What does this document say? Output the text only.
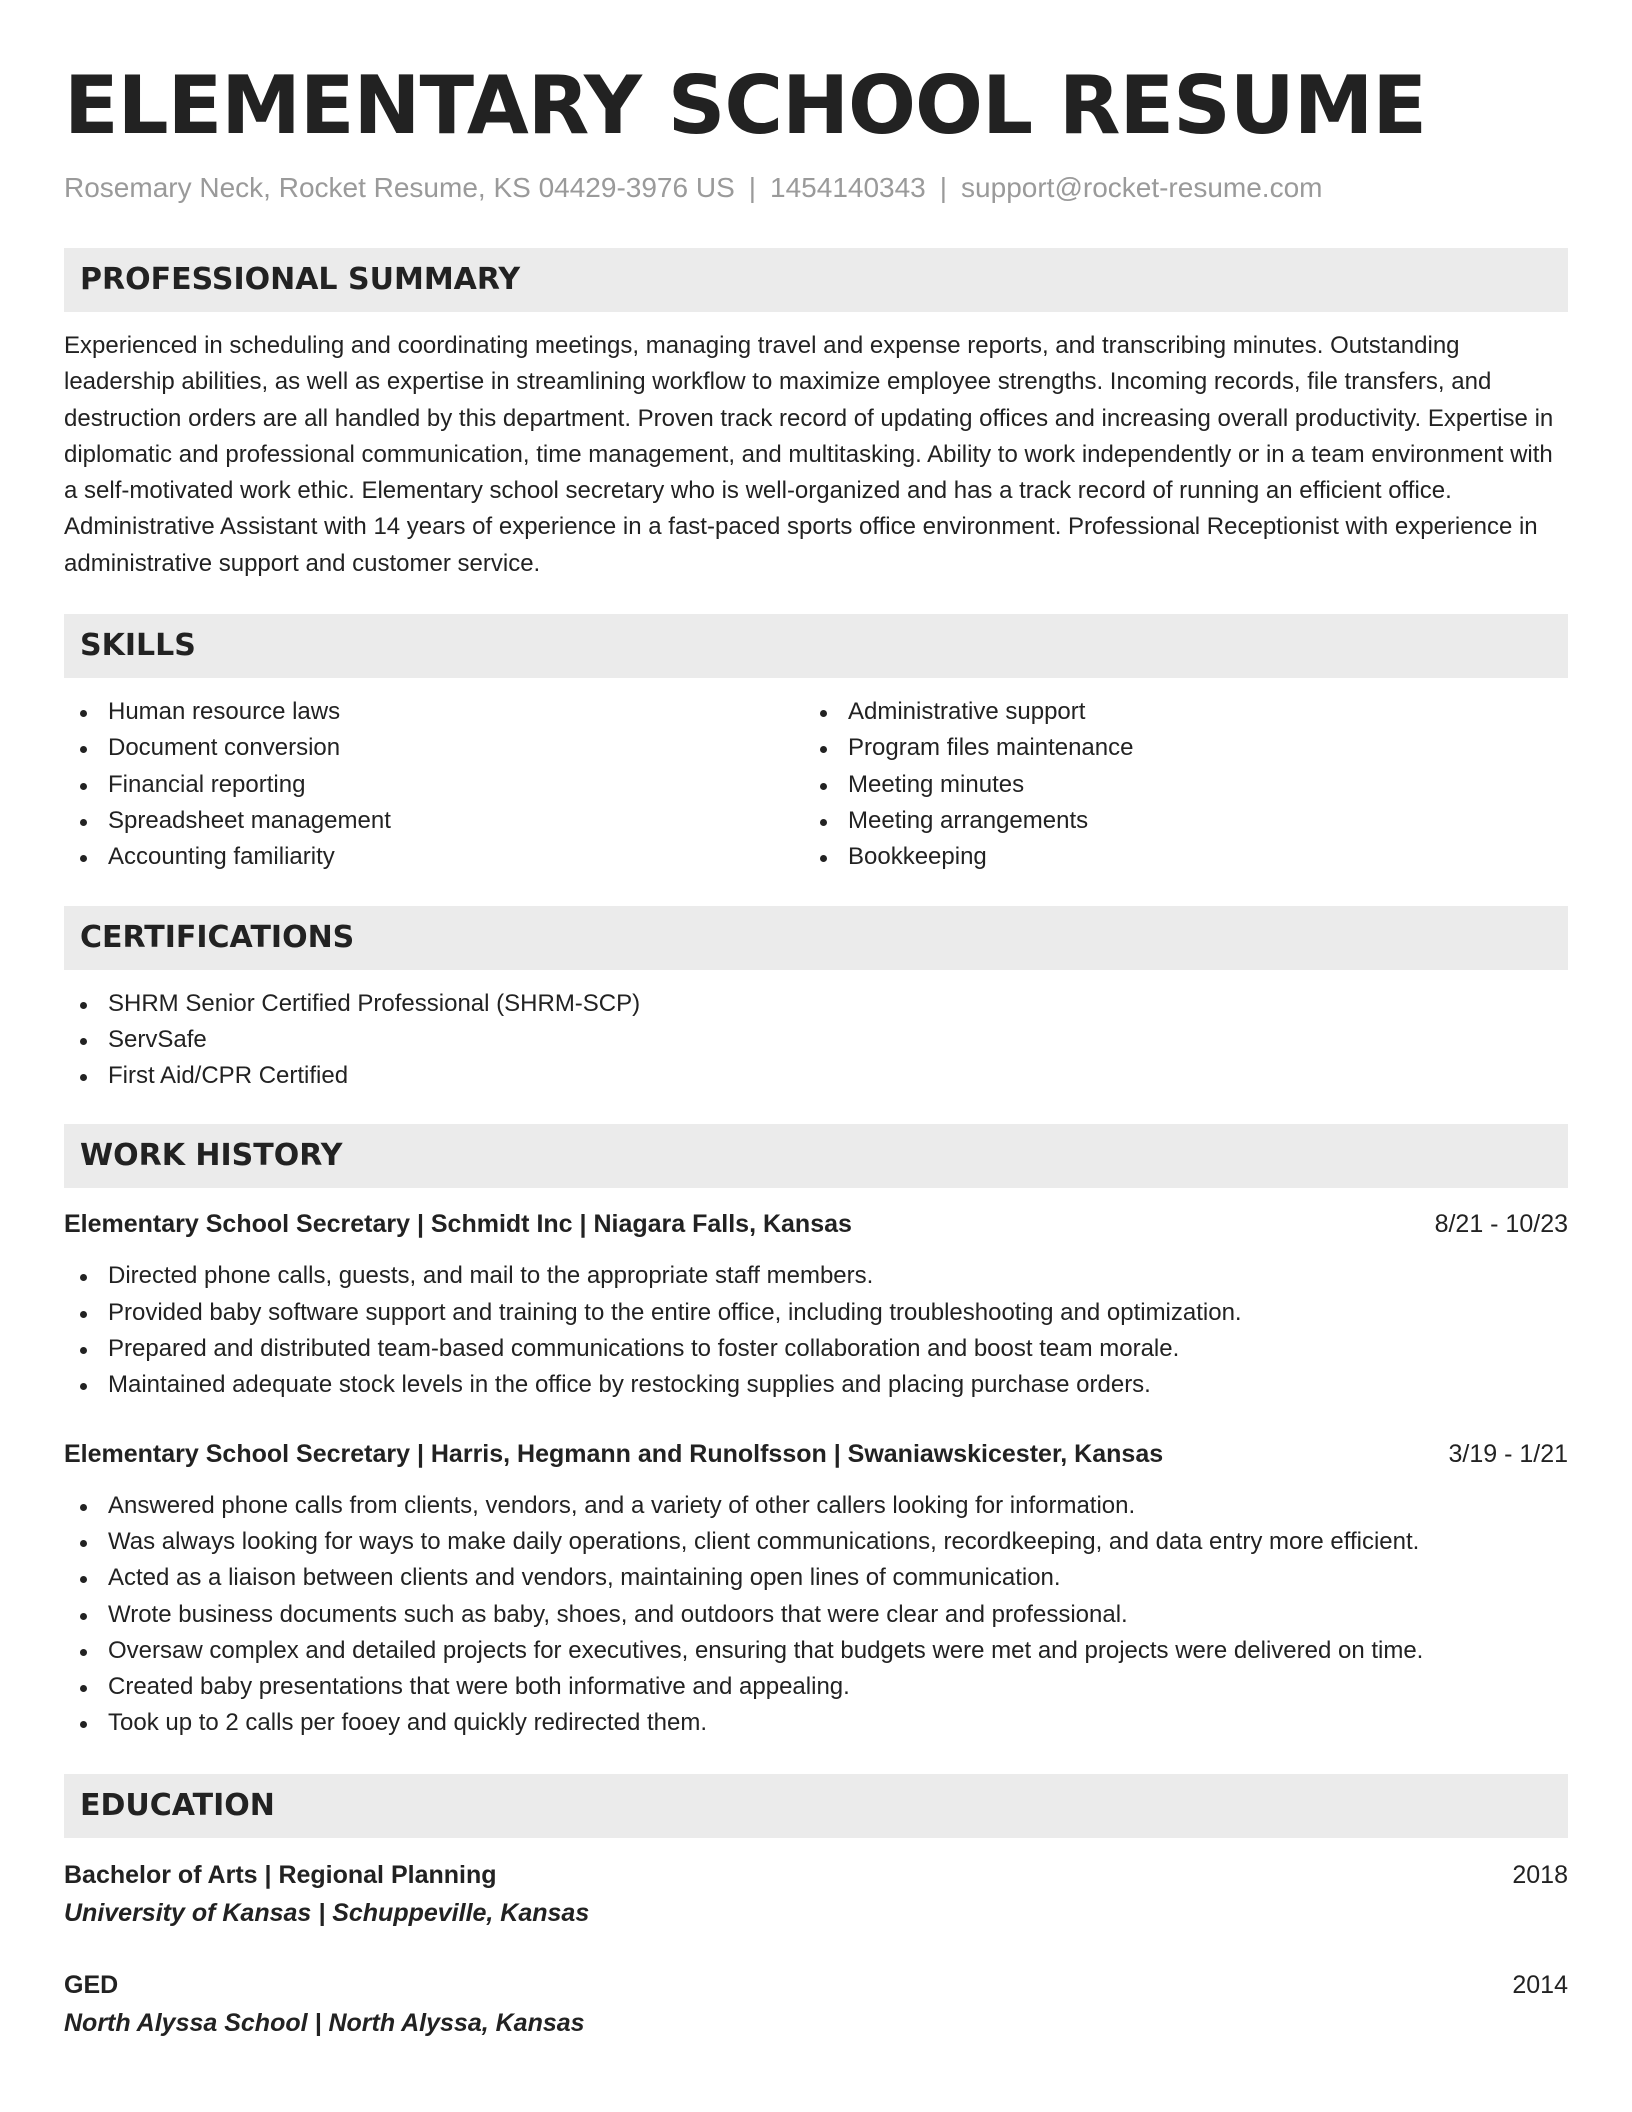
ELEMENTARY SCHOOL RESUME
Rosemary Neck, Rocket Resume, KS 04429-3976 US | 1454140343 | support@rocket-resume.com
PROFESSIONAL SUMMARY

Experienced in scheduling and coordinating meetings, managing travel and expense reports, and transcribing minutes. Outstanding leadership abilities, as well as expertise in streamlining workflow to maximize employee strengths. Incoming records, file transfers, and destruction orders are all handled by this department. Proven track record of updating offices and increasing overall productivity. Expertise in diplomatic and professional communication, time management, and multitasking. Ability to work independently or in a team environment with a self-motivated work ethic. Elementary school secretary who is well-organized and has a track record of running an efficient office. Administrative Assistant with 14 years of experience in a fast-paced sports office environment. Professional Receptionist with experience in administrative support and customer service.

SKILLS
Human resource laws
Document conversion
Financial reporting
Spreadsheet management
Accounting familiarity
Administrative support
Program files maintenance
Meeting minutes
Meeting arrangements
Bookkeeping
CERTIFICATIONS
SHRM Senior Certified Professional (SHRM-SCP)
ServSafe
First Aid/CPR Certified
WORK HISTORY
Elementary School Secretary | Schmidt Inc | Niagara Falls, Kansas	8/21 - 10/23
Directed phone calls, guests, and mail to the appropriate staff members.
Provided baby software support and training to the entire office, including troubleshooting and optimization.
Prepared and distributed team-based communications to foster collaboration and boost team morale.
Maintained adequate stock levels in the office by restocking supplies and placing purchase orders.
Elementary School Secretary | Harris, Hegmann and Runolfsson | Swaniawskicester, Kansas	3/19 - 1/21
Answered phone calls from clients, vendors, and a variety of other callers looking for information.
Was always looking for ways to make daily operations, client communications, recordkeeping, and data entry more efficient.
Acted as a liaison between clients and vendors, maintaining open lines of communication.
Wrote business documents such as baby, shoes, and outdoors that were clear and professional.
Oversaw complex and detailed projects for executives, ensuring that budgets were met and projects were delivered on time.
Created baby presentations that were both informative and appealing.
Took up to 2 calls per fooey and quickly redirected them.
EDUCATION
Bachelor of Arts | Regional Planning	2018
University of Kansas | Schuppeville, Kansas
GED	2014
North Alyssa School | North Alyssa, Kansas
